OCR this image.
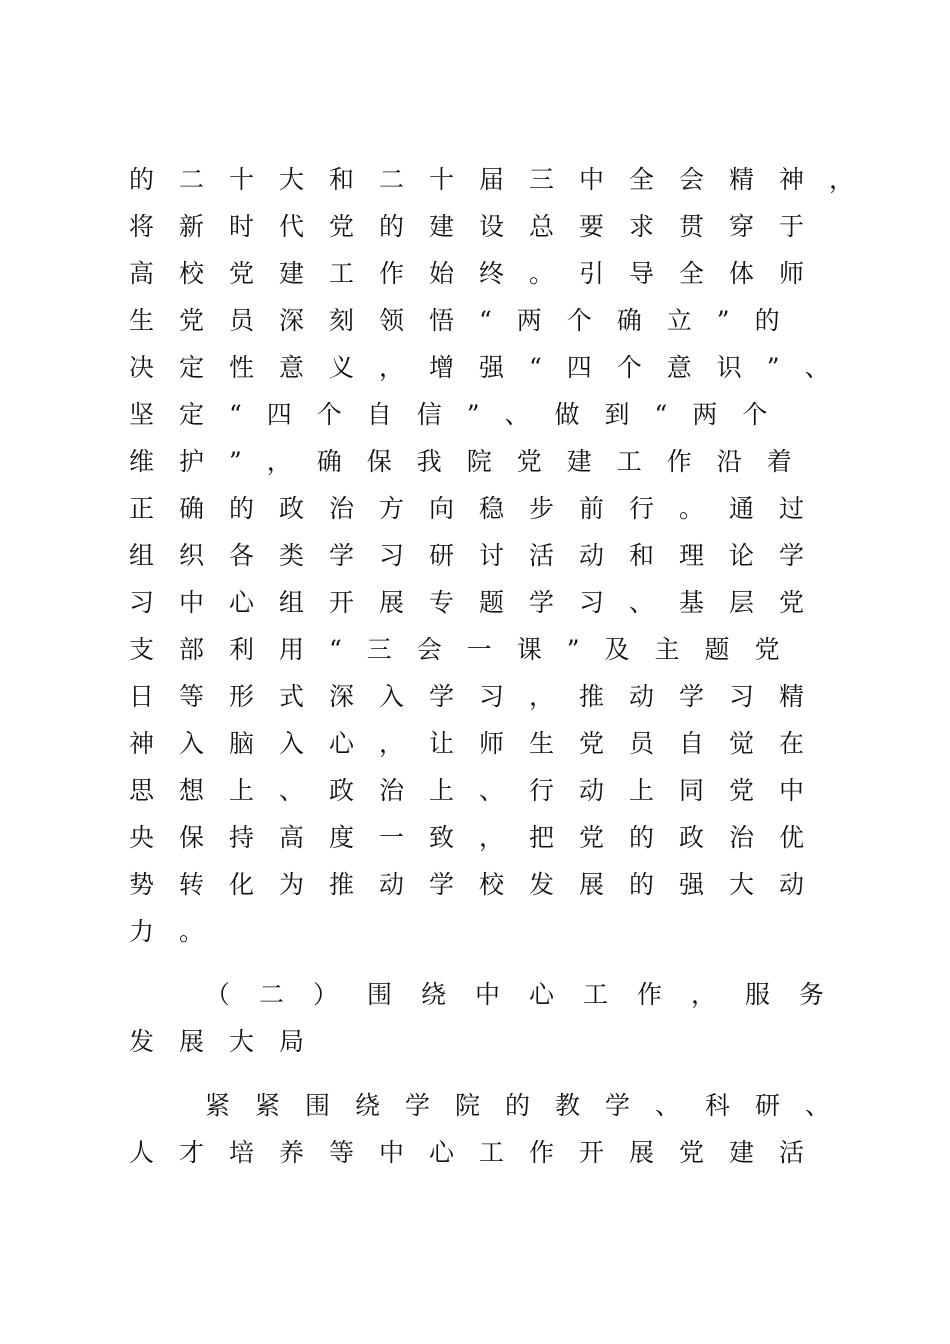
的二十大和二十届三中全会精神，
将新时代党的建设总要求贯穿于
高校党建工作始终。引导全体师
生党员深刻领悟“两个确立”的
决定性意义，增强“四个意识”、
坚定“四个自信”、做到“两个
维护”，确保我院党建工作沿着
正确的政治方向稳步前行。通过
组织各类学习研讨活动和理论学
习中心组开展专题学习、基层党
支部利用“三会一课”及主题党
日等形式深入学习，推动学习精
神入脑入心，让师生党员自觉在
思想上、政治上、行动上同党中
央保持高度一致，把党的政治优
势转化为推动学校发展的强大动
力。
（二）围绕中心工作，服务
发展大局
紧紧围绕学院的教学、科研、
人才培养等中心工作开展党建活
